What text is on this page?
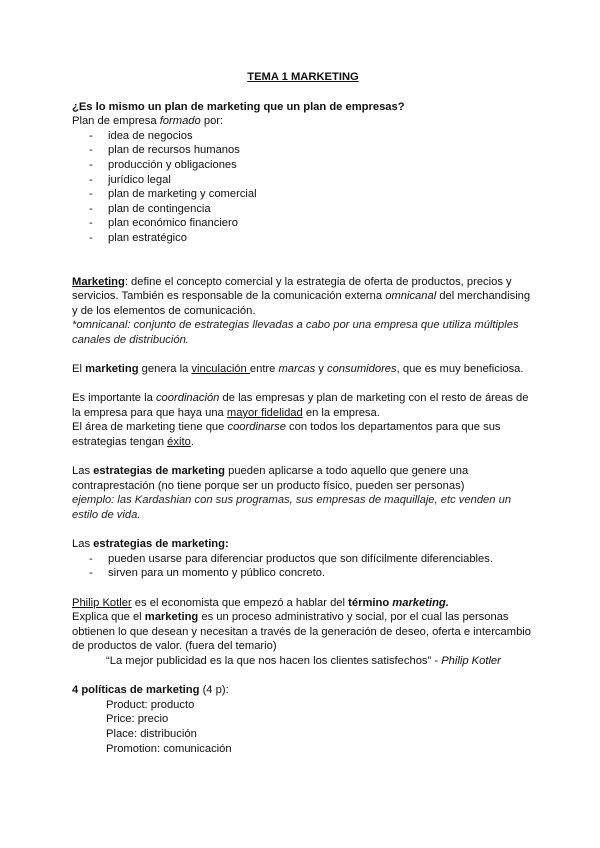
TEMA 1 MARKETING

¿Es lo mismo un plan de marketing que un plan de empresas?

Plan de empresa formado por:

- idea de negocios
- plan de recursos humanos
- producción y obligaciones
- jurídico legal
- plan de marketing y comercial
- plan de contingencia
- plan económico financiero
- plan estratégico

Marketing: define el concepto comercial y la estrategia de oferta de productos, precios y

servicios. También es responsable de la comunicación externa omnicanal del merchandising

y de los elementos de comunicación.

*omnicanal: conjunto de estrategias llevadas a cabo por una empresa que utiliza múltiples

canales de distribución.

El marketing genera la vinculación entre marcas y consumidores, que es muy beneficiosa.

Es importante la coordinación de las empresas y plan de marketing con el resto de áreas de

la empresa para que haya una mayor fidelidad en la empresa.

El área de marketing tiene que coordinarse con todos los departamentos para que sus

estrategias tengan éxito.

Las estrategias de marketing pueden aplicarse a todo aquello que genere una

contraprestación (no tiene porque ser un producto físico, pueden ser personas)

ejemplo: las Kardashian con sus programas, sus empresas de maquillaje, etc venden un

estilo de vida.

Las estrategias de marketing:

- pueden usarse para diferenciar productos que son difícilmente diferenciables.
- sirven para un momento y público concreto.

Philip Kotler es el economista que empezó a hablar del término marketing.

Explica que el marketing es un proceso administrativo y social, por el cual las personas

obtienen lo que desean y necesitan a través de la generación de deseo, oferta e intercambio

de productos de valor. (fuera del temario)

“La mejor publicidad es la que nos hacen los clientes satisfechos” - Philip Kotler

4 políticas de marketing (4 p):

Product: producto

Price: precio

Place: distribución

Promotion: comunicación
